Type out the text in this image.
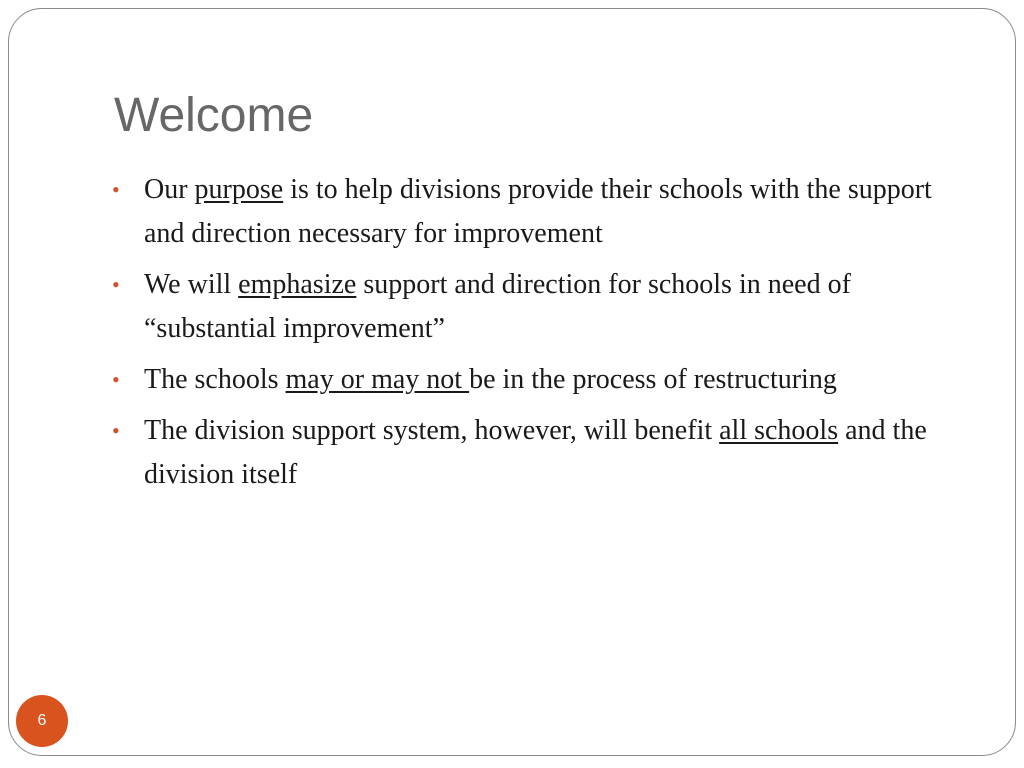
Welcome
• Our purpose is to help divisions provide their schools with the support and direction necessary for improvement
• We will emphasize support and direction for schools in need of “substantial improvement”
• The schools may or may not be in the process of restructuring
• The division support system, however, will benefit all schools and the division itself
6
